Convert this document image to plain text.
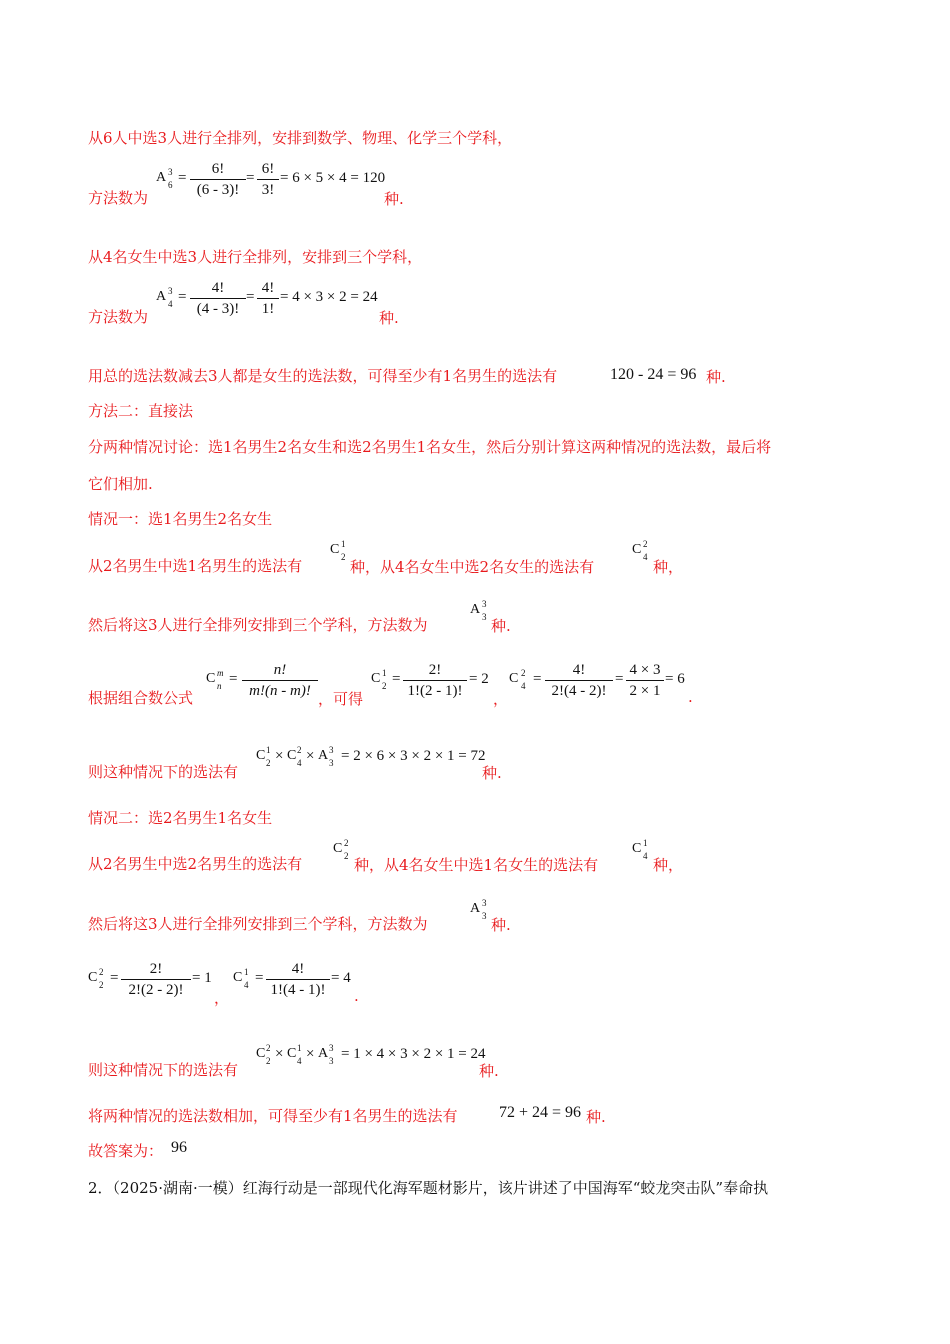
从6人中选3人进行全排列，安排到数学、物理、化学三个学科，
方法数为
A 3
6 =
6!
(6 - 3)!
=
6!
3!
= 6 × 5 × 4 = 120
种.
从4名女生中选3人进行全排列，安排到三个学科，
方法数为
A 3
4 =
4!
(4 - 3)!
=
4!
1!
= 4 × 3 × 2 = 24
种.
用总的选法数减去3人都是女生的选法数，可得至少有1名男生的选法有	120 - 24 = 96 种.
方法二：直接法
分两种情况讨论：选1名男生2名女生和选2名男生1名女生，然后分别计算这两种情况的选法数，最后将
它们相加.
情况一：选1名男生2名女生
从2名男生中选1名男生的选法有
C 1
2
种，从4名女生中选2名女生的选法有
C 2
4
种，
然后将这3人进行全排列安排到三个学科，方法数为
A 3
3 种.
根据组合数公式
C m
n =
n!
m!(n - m)! ，可得
C 1
2 =
2!
1!(2 - 1)!
= 2
，
C 2
4 =
4!
2!(4 - 2)!
=
4 × 3
2 × 1
= 6
.
则这种情况下的选法有
C 1
2 × C 2
4 × A 3
3 = 2 × 6 × 3 × 2 × 1 = 72
种.
情况二：选2名男生1名女生
从2名男生中选2名男生的选法有
C 2
2 种，从4名女生中选1名女生的选法有
C 1
4 种，
然后将这3人进行全排列安排到三个学科，方法数为
A 3
3 种.
C 2
2 =
2!
2!(2 - 2)!
= 1
，
C 1
4 =
4!
1!(4 - 1)!
= 4
.
则这种情况下的选法有
C 2
2 × C 1
4 × A 3
3 = 1 × 4 × 3 × 2 × 1 = 24
种.
将两种情况的选法数相加，可得至少有1名男生的选法有	72 + 24 = 96 种.
故答案为： 96
2．（2025·湖南·一模）红海行动是一部现代化海军题材影片，该片讲述了中国海军“蛟龙突击队”奉命执
